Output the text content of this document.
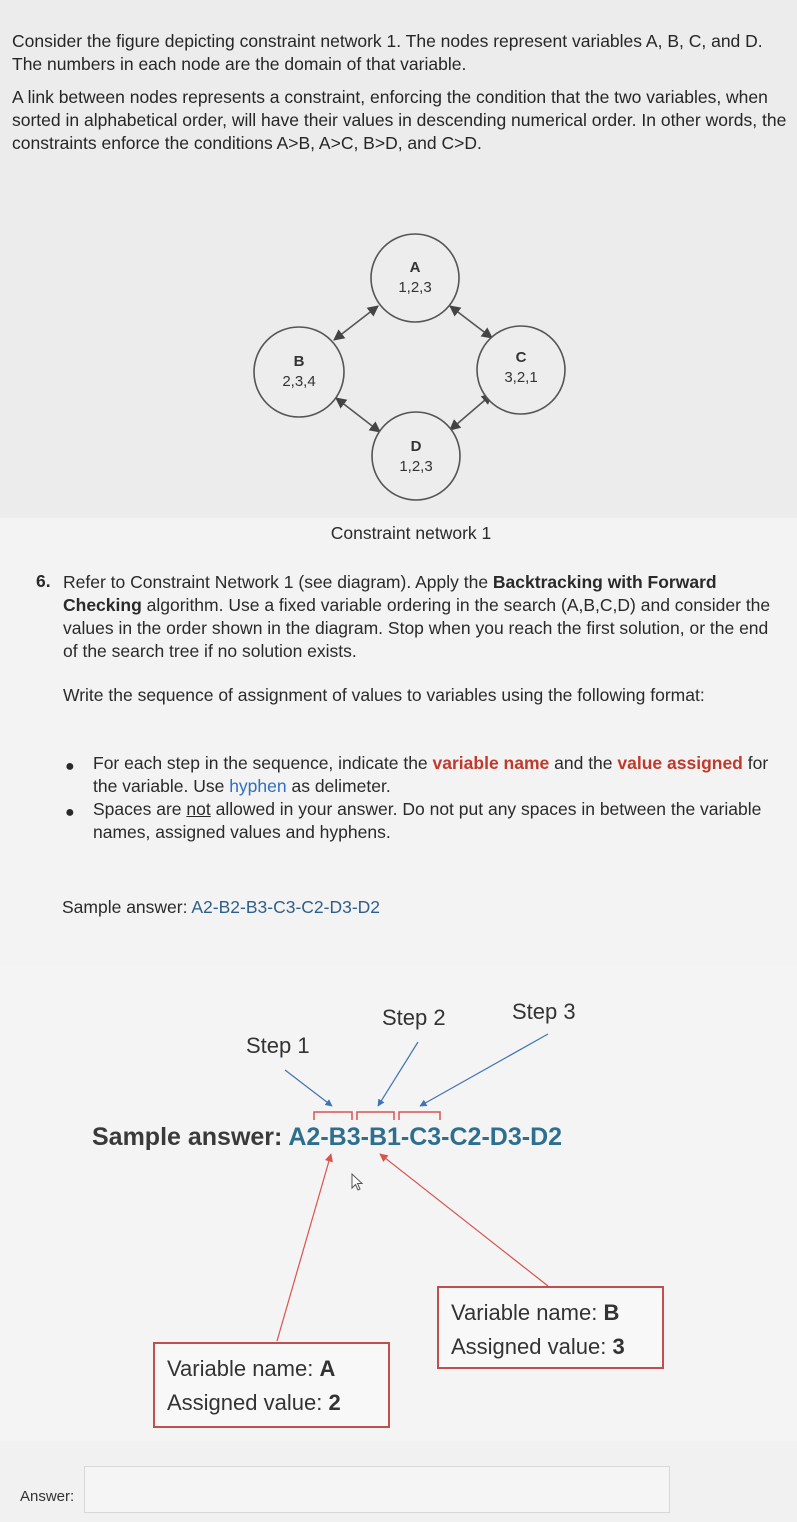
Consider the figure depicting constraint network 1. The nodes represent variables A, B, C, and D. The numbers in each node are the domain of that variable.

A link between nodes represents a constraint, enforcing the condition that the two variables, when sorted in alphabetical order, will have their values in descending numerical order. In other words, the constraints enforce the conditions A>B, A>C, B>D, and C>D.

A
1,2,3
B
2,3,4
C
3,2,1
D
1,2,3
Constraint network 1
6. Refer to Constraint Network 1 (see diagram). Apply the Backtracking with Forward Checking algorithm. Use a fixed variable ordering in the search (A,B,C,D) and consider the values in the order shown in the diagram. Stop when you reach the first solution, or the end of the search tree if no solution exists.
Write the sequence of assignment of values to variables using the following format:
● For each step in the sequence, indicate the variable name and the value assigned for the variable. Use hyphen as delimeter.
● Spaces are not allowed in your answer. Do not put any spaces in between the variable names, assigned values and hyphens.
Sample answer: A2-B2-B3-C3-C2-D3-D2
Step 2	Step 3
Step 1
Sample answer: A2-B3-B1-C3-C2-D3-D2
Variable name: B
Assigned value: 3
Variable name: A
Assigned value: 2
Answer:
